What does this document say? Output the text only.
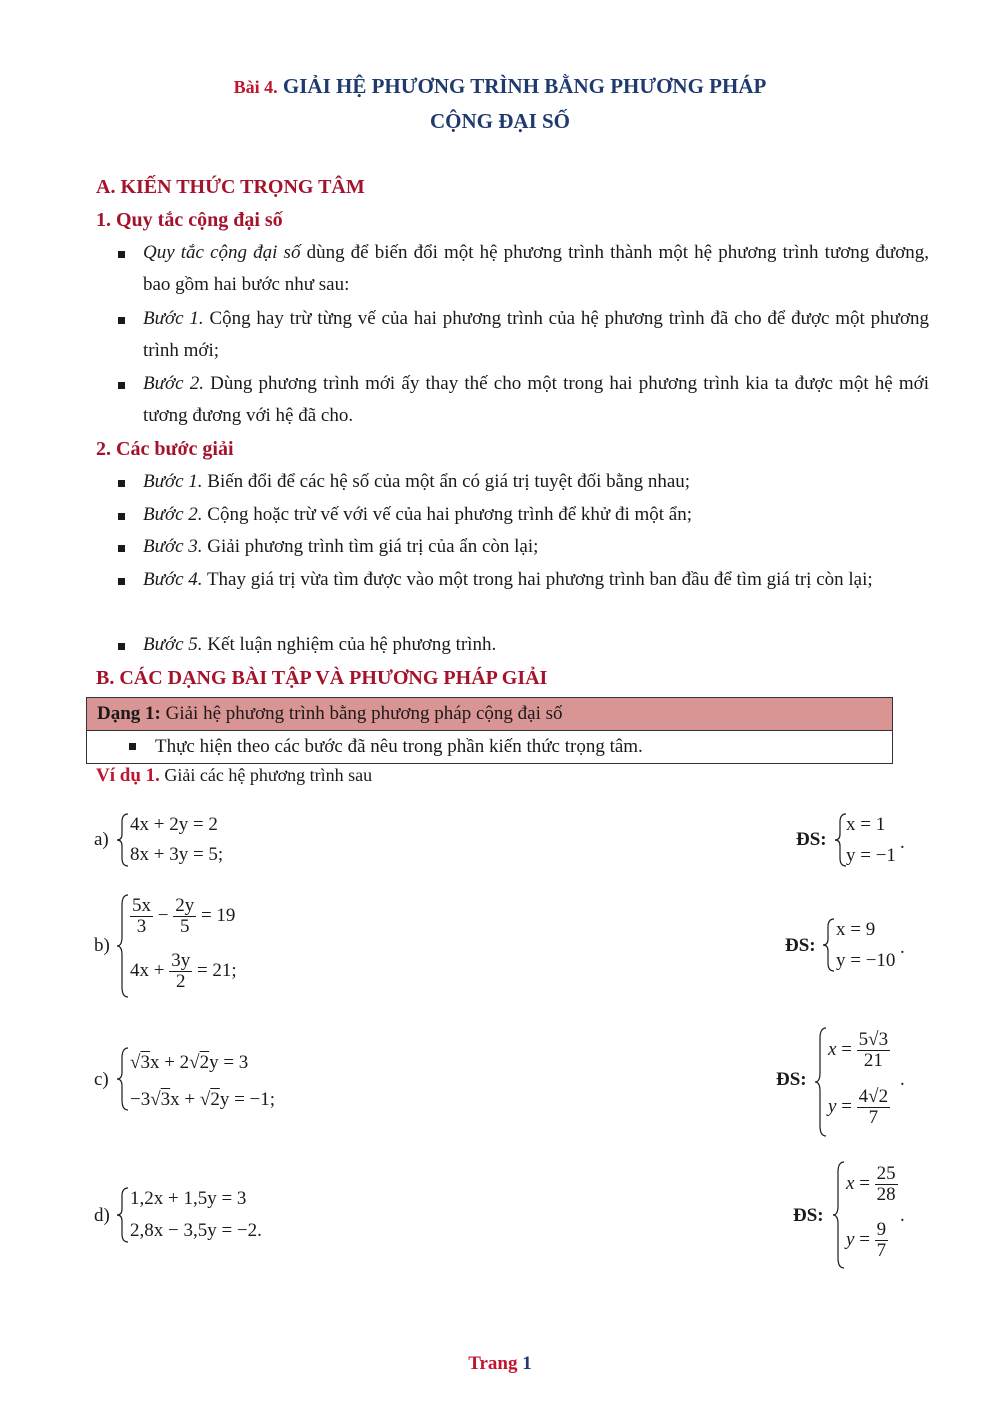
Bài 4. GIẢI HỆ PHƯƠNG TRÌNH BẰNG PHƯƠNG PHÁP
CỘNG ĐẠI SỐ
A. KIẾN THỨC TRỌNG TÂM
1. Quy tắc cộng đại số
Quy tắc cộng đại số dùng để biến đổi một hệ phương trình thành một hệ phương trình tương đương, bao gồm hai bước như sau:
Bước 1. Cộng hay trừ từng vế của hai phương trình của hệ phương trình đã cho để được một phương trình mới;
Bước 2. Dùng phương trình mới ấy thay thế cho một trong hai phương trình kia ta được một hệ mới tương đương với hệ đã cho.
2. Các bước giải
Bước 1. Biến đổi để các hệ số của một ẩn có giá trị tuyệt đối bằng nhau;
Bước 2. Cộng hoặc trừ vế với vế của hai phương trình để khử đi một ẩn;
Bước 3. Giải phương trình tìm giá trị của ẩn còn lại;
Bước 4. Thay giá trị vừa tìm được vào một trong hai phương trình ban đầu để tìm giá trị còn lại;
Bước 5. Kết luận nghiệm của hệ phương trình.
B. CÁC DẠNG BÀI TẬP VÀ PHƯƠNG PHÁP GIẢI
Dạng 1: Giải hệ phương trình bằng phương pháp cộng đại số
Thực hiện theo các bước đã nêu trong phần kiến thức trọng tâm.
Ví dụ 1. Giải các hệ phương trình sau
a)
4x + 2y = 2
8x + 3y = 5;
ĐS:
x = 1
y = −1
.
b)
$\frac{5x}{3} - \frac{2y}{5} = 19$
$4x + \frac{3y}{2} = 21$;
ĐS:
x = 9
y = −10
.
c)
√3x + 2√2y = 3
−3√3x + √2y = −1;
ĐS:
$x = \frac{5√3}{21}$
$y = \frac{4√2}{7}$
.
d)
1,2x + 1,5y = 3
2,8x − 3,5y = −2.
ĐS:
$x = \frac{25}{28}$
$y = \frac{9}{7}$
.
Trang 1
